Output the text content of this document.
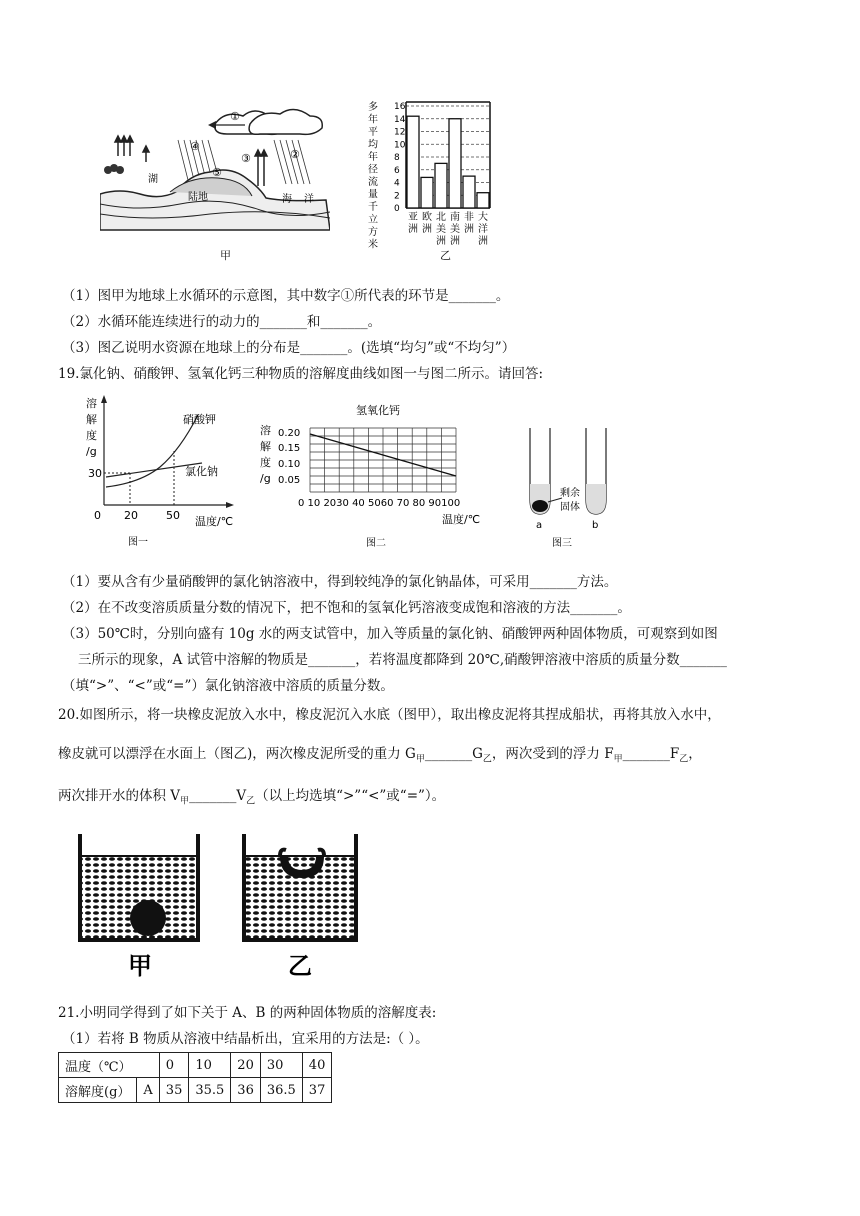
①
②
③
④
⑤
湖
陆地	海 洋
甲
多
年
平
均
年
径
流
量
千
立
方
米
16
14
12
10
8
6
4
2
0
亚
洲
欧
洲
北
美
洲
南
美
洲
非
洲
大
洋
洲
乙
（1）图甲为地球上水循环的示意图，其中数字①所代表的环节是_______。
（2）水循环能连续进行的动力的_______和_______。
（3）图乙说明水资源在地球上的分布是_______。(选填“均匀”或“不均匀”）
19.氯化钠、硝酸钾、氢氧化钙三种物质的溶解度曲线如图一与图二所示。请回答:
溶
解
度
/g
硝酸钾
氯化钠
30
0 20	50 温度/℃
图一
氢氧化钙
溶
解
度
/g
0.20
0.15
0.10
0.05
0 10 2030 40 5060 70 80 90100
温度/℃
图二
剩余
固体
a	b
图三
（1）要从含有少量硝酸钾的氯化钠溶液中，得到较纯净的氯化钠晶体，可采用_______方法。
（2）在不改变溶质质量分数的情况下，把不饱和的氢氧化钙溶液变成饱和溶液的方法_______。
（3）50℃时，分别向盛有 10g 水的两支试管中，加入等质量的氯化钠、硝酸钾两种固体物质，可观察到如图
三所示的现象，A 试管中溶解的物质是_______，若将温度都降到 20℃,硝酸钾溶液中溶质的质量分数_______
（填“>”、“<”或“=”）氯化钠溶液中溶质的质量分数。
20.如图所示，将一块橡皮泥放入水中，橡皮泥沉入水底（图甲），取出橡皮泥将其捏成船状，再将其放入水中，
橡皮就可以漂浮在水面上（图乙)，两次橡皮泥所受的重力 $G_甲\_\_\_\_\_\_\_G_乙$，两次受到的浮力 $F_甲\_\_\_\_\_\_\_F_乙$，
两次排开水的体积 $V_甲\_\_\_\_\_\_\_V_乙$（以上均选填“>”“<”或“=”）。
甲	乙
21.小明同学得到了如下关于 A、B 的两种固体物质的溶解度表:
（1）若将 B 物质从溶液中结晶析出，宜采用的方法是:（ ）。
温度（℃）		0	10	20	30	40
溶解度(g）	A	35	35.5	36	36.5	37
